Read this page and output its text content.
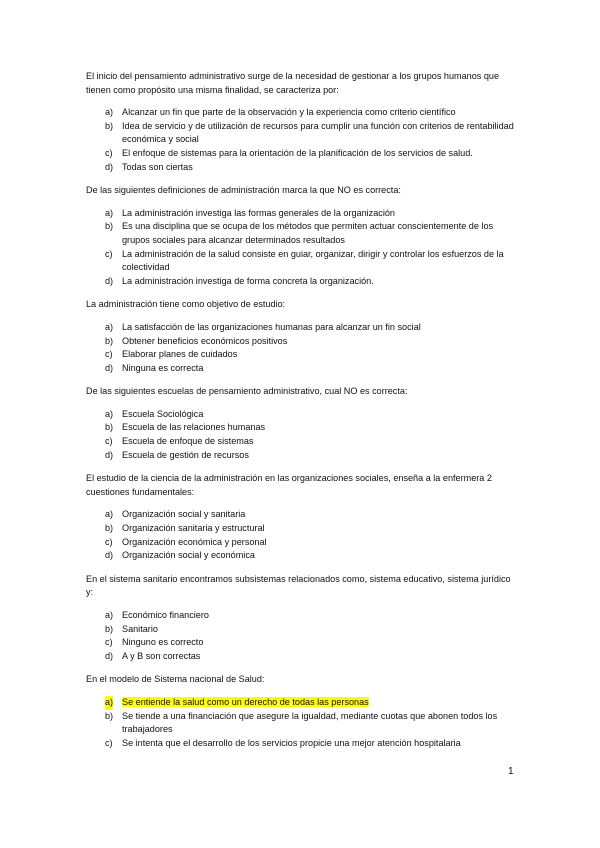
El inicio del pensamiento administrativo surge de la necesidad de gestionar a los grupos humanos que tienen como propósito una misma finalidad, se caracteriza por:

a) Alcanzar un fin que parte de la observación y la experiencia como criterio científico
b) Idea de servicio y de utilización de recursos para cumplir una función con criterios de rentabilidad económica y social
c) El enfoque de sistemas para la orientación de la planificación de los servicios de salud.
d) Todas son ciertas

De las siguientes definiciones de administración marca la que NO es correcta:

a) La administración investiga las formas generales de la organización
b) Es una disciplina que se ocupa de los métodos que permiten actuar conscientemente de los grupos sociales para alcanzar determinados resultados
c) La administración de la salud consiste en guiar, organizar, dirigir y controlar los esfuerzos de la colectividad
d) La administración investiga de forma concreta la organización.

La administración tiene como objetivo de estudio:

a) La satisfacción de las organizaciones humanas para alcanzar un fin social
b) Obtener beneficios económicos positivos
c) Elaborar planes de cuidados
d) Ninguna es correcta

De las siguientes escuelas de pensamiento administrativo, cual NO es correcta:

a) Escuela Sociológica
b) Escuela de las relaciones humanas
c) Escuela de enfoque de sistemas
d) Escuela de gestión de recursos

El estudio de la ciencia de la administración en las organizaciones sociales, enseña a la enfermera 2 cuestiones fundamentales:

a) Organización social y sanitaria
b) Organización sanitaria y estructural
c) Organización económica y personal
d) Organización social y económica

En el sistema sanitario encontramos subsistemas relacionados como, sistema educativo, sistema jurídico y:

a) Económico financiero
b) Sanitario
c) Ninguno es correcto
d) A y B son correctas

En el modelo de Sistema nacional de Salud:

a) Se entiende la salud como un derecho de todas las personas
b) Se tiende a una financiación que asegure la igualdad, mediante cuotas que abonen todos los trabajadores
c) Se intenta que el desarrollo de los servicios propicie una mejor atención hospitalaria
1
